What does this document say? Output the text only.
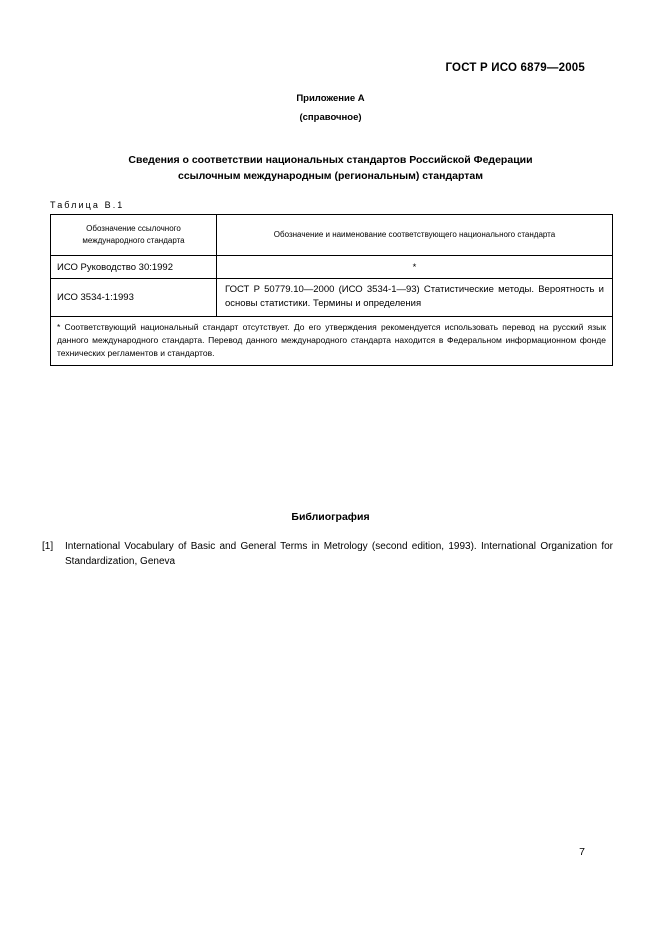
ГОСТ Р ИСО 6879—2005
Приложение А
(справочное)
Сведения о соответствии национальных стандартов Российской Федерации
ссылочным международным (региональным) стандартам
Таблица В.1
Обозначение ссылочного международного стандарта	Обозначение и наименование соответствующего национального стандарта
ИСО Руководство 30:1992	*
ИСО 3534-1:1993	ГОСТ Р 50779.10—2000 (ИСО 3534-1—93) Статистические методы. Вероятность и основы статистики. Термины и определения
* Соответствующий национальный стандарт отсутствует. До его утверждения рекомендуется использовать перевод на русский язык данного международного стандарта. Перевод данного международного стандарта находится в Федеральном информационном фонде технических регламентов и стандартов.	
Библиография
[1] International Vocabulary of Basic and General Terms in Metrology (second edition, 1993). International Organization for Standardization, Geneva
7
